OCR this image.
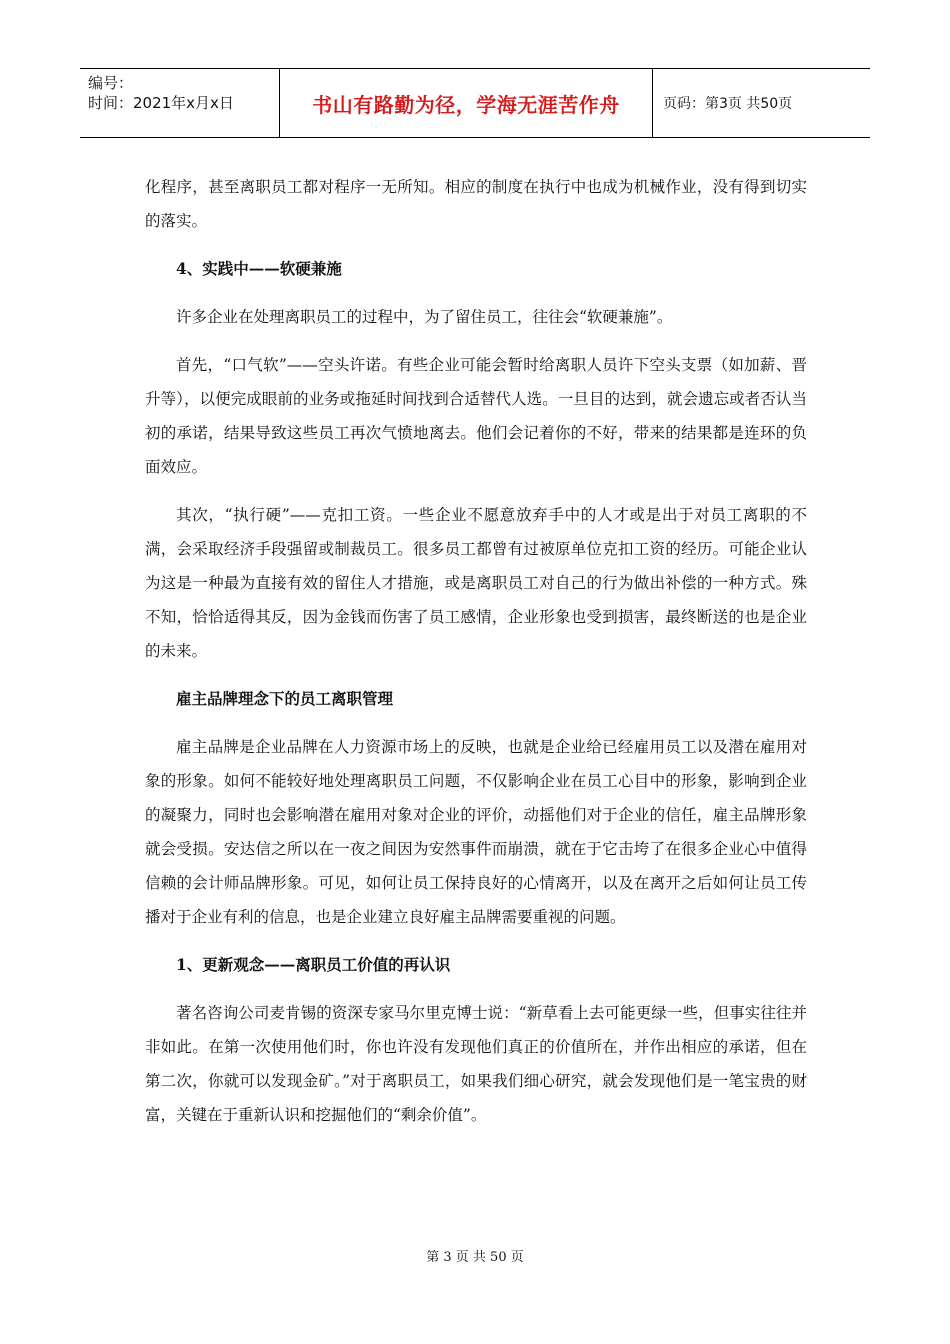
编号：
时间：2021年x月x日	书山有路勤为径，学海无涯苦作舟	页码：第3页 共50页

化程序，甚至离职员工都对程序一无所知。相应的制度在执行中也成为机械作业，没有得到切实的落实。

4、实践中——软硬兼施

许多企业在处理离职员工的过程中，为了留住员工，往往会“软硬兼施”。

首先，“口气软”——空头许诺。有些企业可能会暂时给离职人员许下空头支票（如加薪、晋升等），以便完成眼前的业务或拖延时间找到合适替代人选。一旦目的达到，就会遗忘或者否认当初的承诺，结果导致这些员工再次气愤地离去。他们会记着你的不好，带来的结果都是连环的负面效应。

其次，“执行硬”——克扣工资。一些企业不愿意放弃手中的人才或是出于对员工离职的不满，会采取经济手段强留或制裁员工。很多员工都曾有过被原单位克扣工资的经历。可能企业认为这是一种最为直接有效的留住人才措施，或是离职员工对自己的行为做出补偿的一种方式。殊不知，恰恰适得其反，因为金钱而伤害了员工感情，企业形象也受到损害，最终断送的也是企业的未来。

雇主品牌理念下的员工离职管理

雇主品牌是企业品牌在人力资源市场上的反映，也就是企业给已经雇用员工以及潜在雇用对象的形象。如何不能较好地处理离职员工问题，不仅影响企业在员工心目中的形象，影响到企业的凝聚力，同时也会影响潜在雇用对象对企业的评价，动摇他们对于企业的信任，雇主品牌形象就会受损。安达信之所以在一夜之间因为安然事件而崩溃，就在于它击垮了在很多企业心中值得信赖的会计师品牌形象。可见，如何让员工保持良好的心情离开，以及在离开之后如何让员工传播对于企业有利的信息，也是企业建立良好雇主品牌需要重视的问题。

1、更新观念——离职员工价值的再认识

著名咨询公司麦肯锡的资深专家马尔里克博士说：“新草看上去可能更绿一些，但事实往往并非如此。在第一次使用他们时，你也许没有发现他们真正的价值所在，并作出相应的承诺，但在第二次，你就可以发现金矿。”对于离职员工，如果我们细心研究，就会发现他们是一笔宝贵的财富，关键在于重新认识和挖掘他们的“剩余价值”。

第 3 页 共 50 页
